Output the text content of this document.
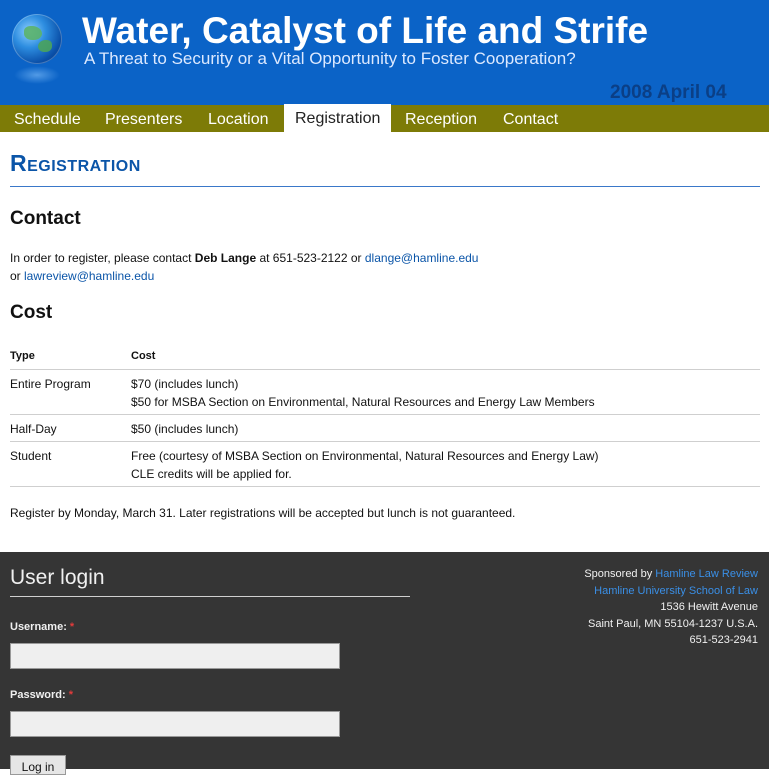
Water, Catalyst of Life and Strife
A Threat to Security or a Vital Opportunity to Foster Cooperation?
2008 April 04
Schedule	Presenters	Location	Registration	Reception	Contact
Registration
Contact
In order to register, please contact Deb Lange at 651-523-2122 or dlange@hamline.edu
or lawreview@hamline.edu
Cost
Type	Cost
Entire Program	$70 (includes lunch)
$50 for MSBA Section on Environmental, Natural Resources and Energy Law Members
Half-Day	$50 (includes lunch)
Student	Free (courtesy of MSBA Section on Environmental, Natural Resources and Energy Law)
CLE credits will be applied for.
Register by Monday, March 31. Later registrations will be accepted but lunch is not guaranteed.
User login
Username: *
Password: *
Log in
Sponsored by Hamline Law Review
Hamline University School of Law
1536 Hewitt Avenue
Saint Paul, MN 55104-1237 U.S.A.
651-523-2941
